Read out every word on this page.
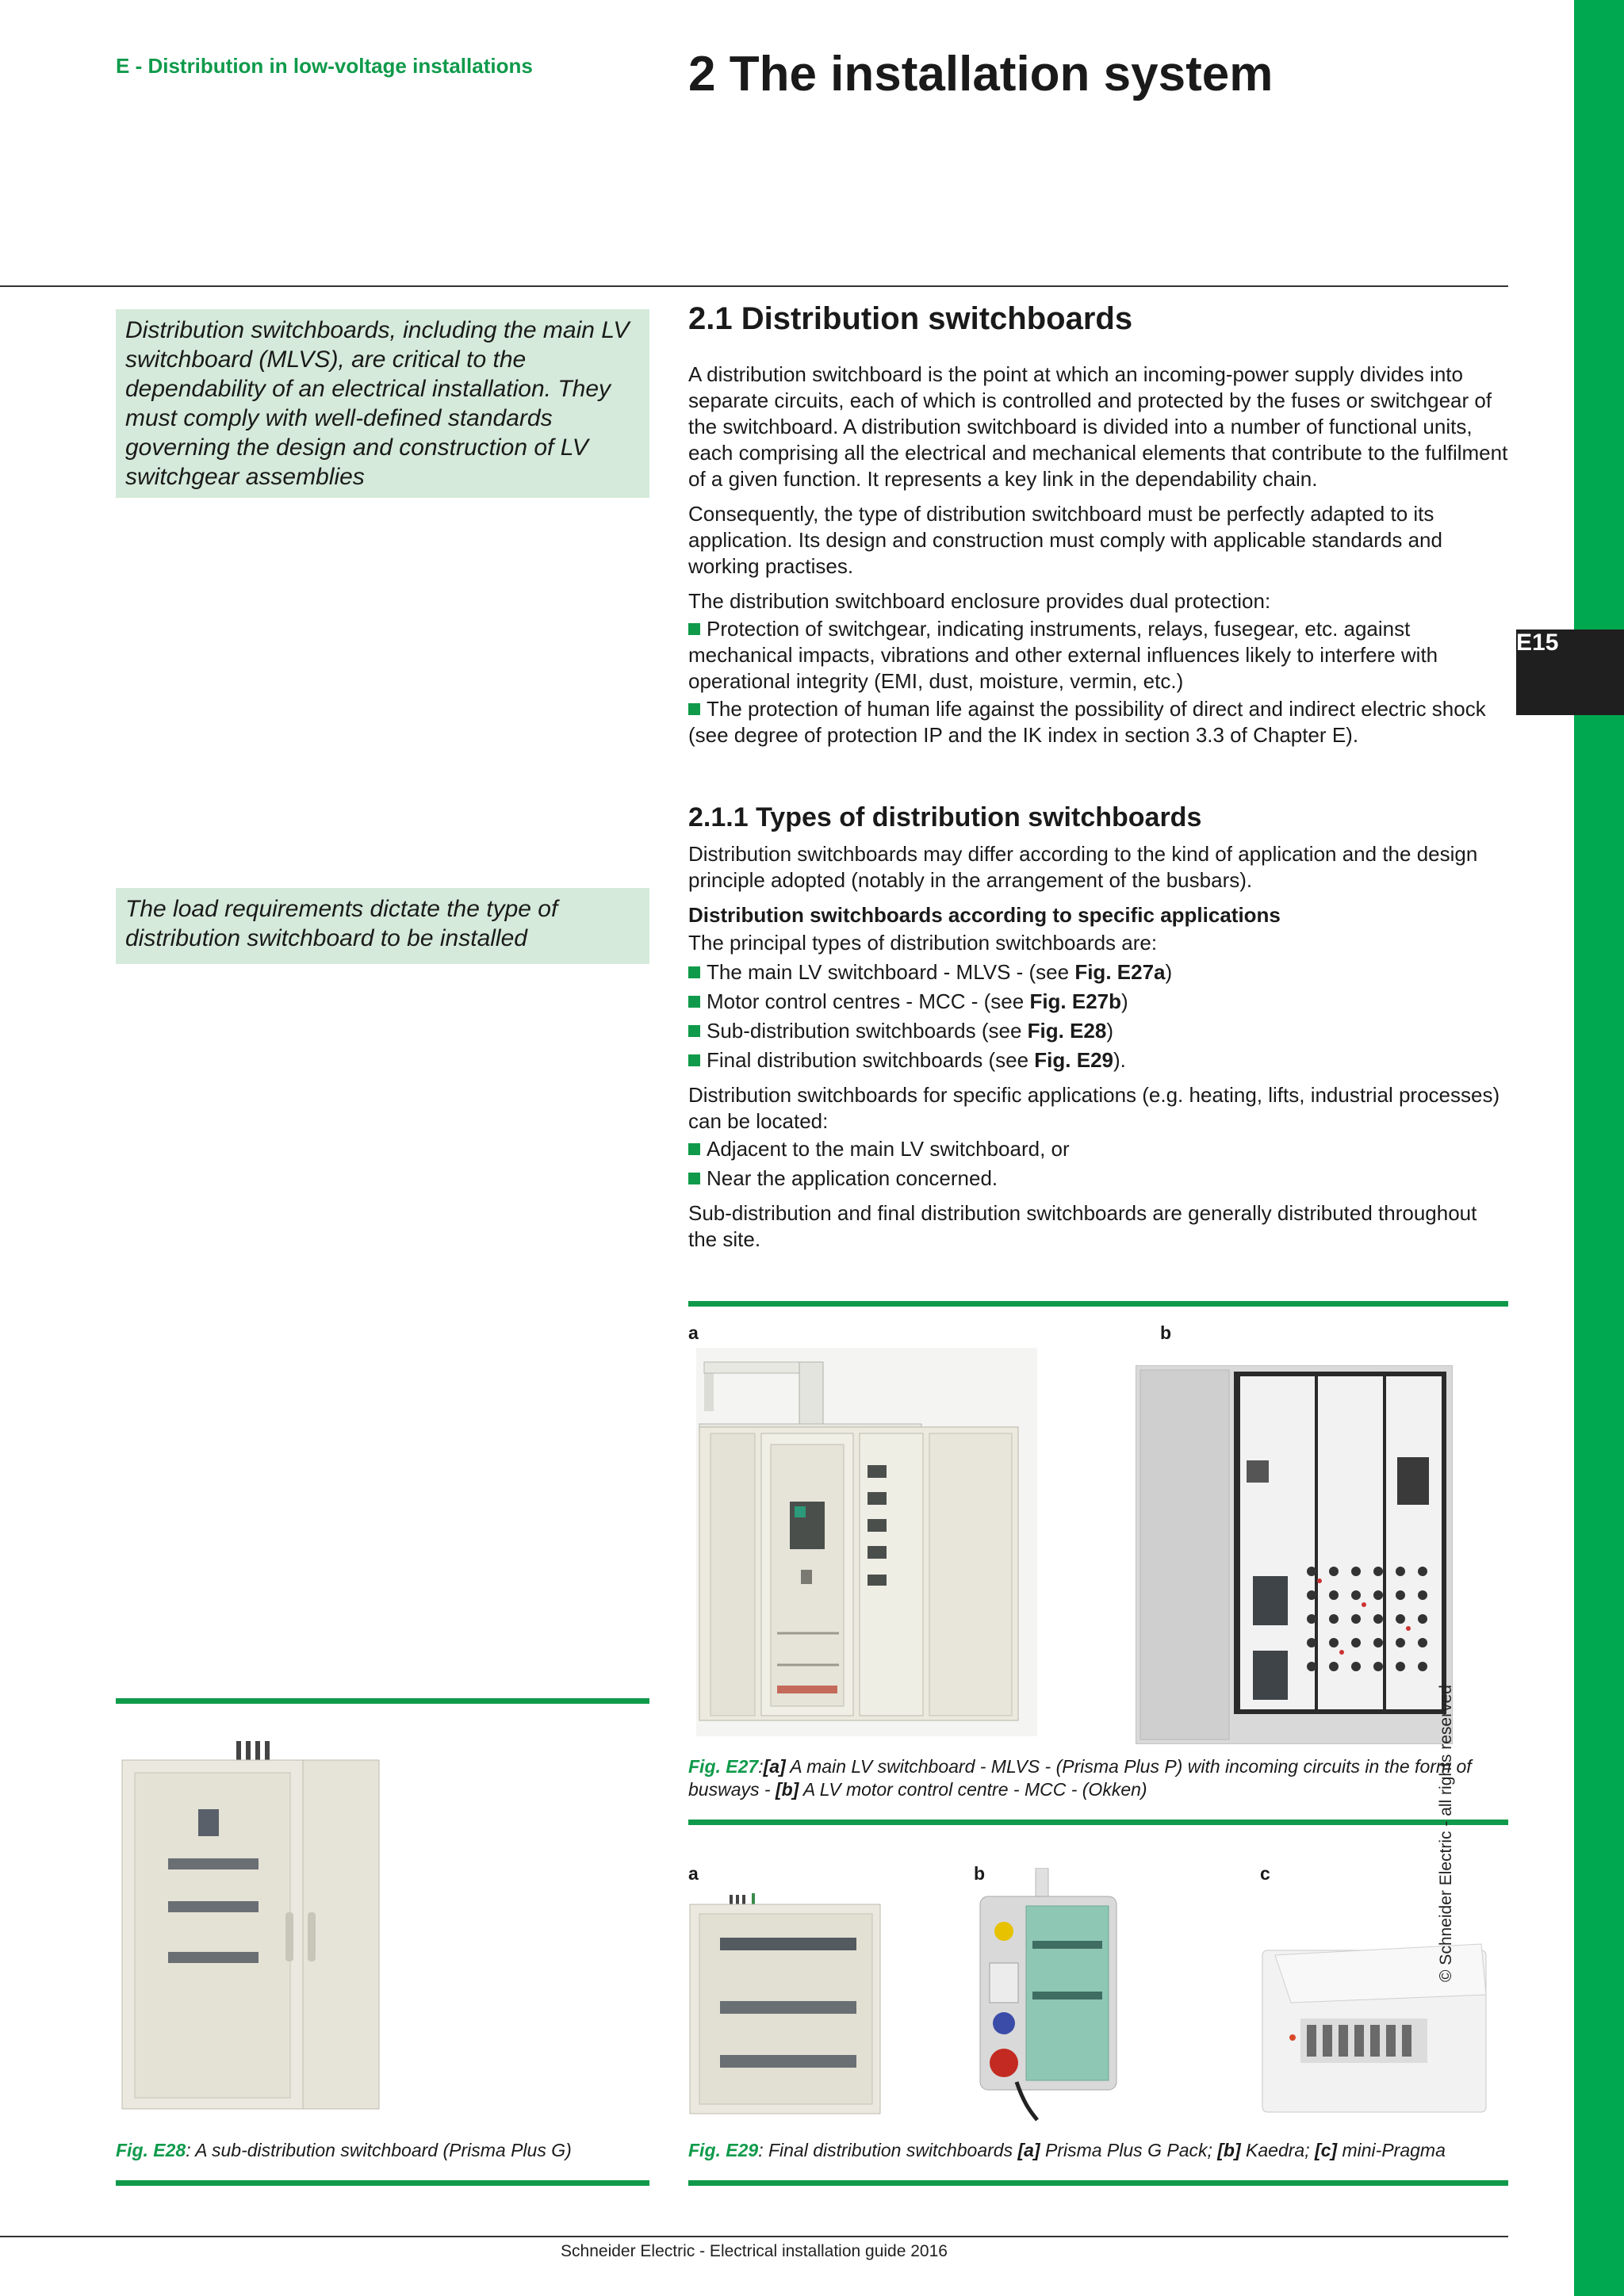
E15
E - Distribution in low-voltage installations	2 The installation system
Distribution switchboards, including the main LV switchboard (MLVS), are critical to the dependability of an electrical installation. They must comply with well-defined standards governing the design and construction of LV switchgear assemblies
The load requirements dictate the type of distribution switchboard to be installed
2.1 Distribution switchboards

A distribution switchboard is the point at which an incoming-power supply divides into separate circuits, each of which is controlled and protected by the fuses or switchgear of the switchboard. A distribution switchboard is divided into a number of functional units, each comprising all the electrical and mechanical elements that contribute to the fulfilment of a given function. It represents a key link in the dependability chain.

Consequently, the type of distribution switchboard must be perfectly adapted to its application. Its design and construction must comply with applicable standards and working practises.

The distribution switchboard enclosure provides dual protection:

Protection of switchgear, indicating instruments, relays, fusegear, etc. against mechanical impacts, vibrations and other external influences likely to interfere with operational integrity (EMI, dust, moisture, vermin, etc.)
The protection of human life against the possibility of direct and indirect electric shock (see degree of protection IP and the IK index in section 3.3 of Chapter E).
2.1.1 Types of distribution switchboards

Distribution switchboards may differ according to the kind of application and the design principle adopted (notably in the arrangement of the busbars).

Distribution switchboards according to specific applications
The principal types of distribution switchboards are:
The main LV switchboard - MLVS - (see Fig. E27a)
Motor control centres - MCC - (see Fig. E27b)
Sub-distribution switchboards (see Fig. E28)
Final distribution switchboards (see Fig. E29).
Distribution switchboards for specific applications (e.g. heating, lifts, industrial processes) can be located:
Adjacent to the main LV switchboard, or
Near the application concerned.

Sub-distribution and final distribution switchboards are generally distributed throughout the site.

a	b
Fig. E27:[a] A main LV switchboard - MLVS - (Prisma Plus P) with incoming circuits in the form of busways - [b] A LV motor control centre - MCC - (Okken)
Fig. E28: A sub-distribution switchboard (Prisma Plus G)
a	b	c
Fig. E29: Final distribution switchboards [a] Prisma Plus G Pack; [b] Kaedra; [c] mini-Pragma
Schneider Electric - Electrical installation guide 2016
© Schneider Electric - all rights reserved
